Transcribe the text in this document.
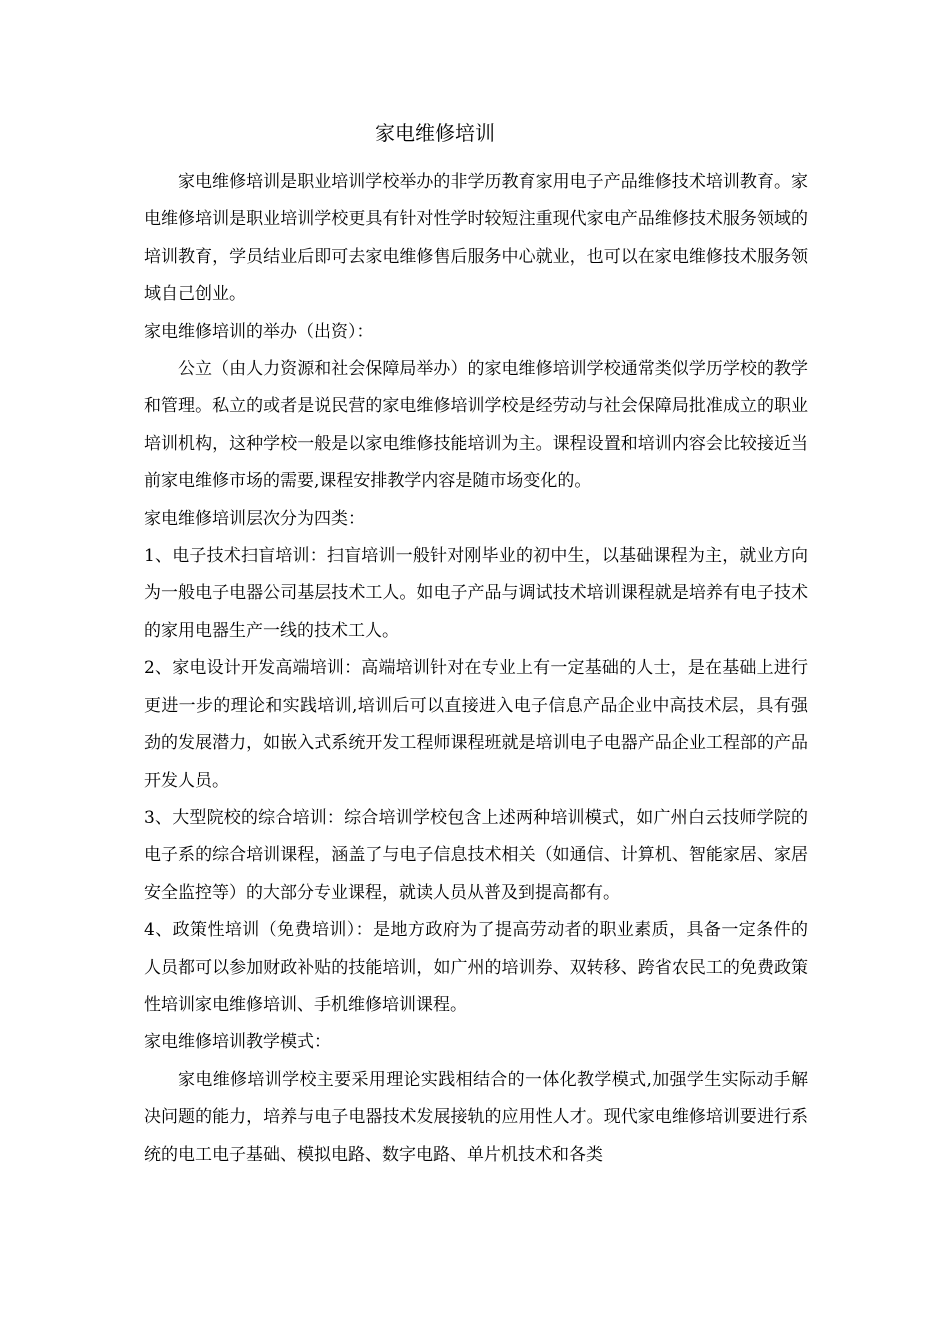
家电维修培训

家电维修培训是职业培训学校举办的非学历教育家用电子产品维修技术培训教育。家电维修培训是职业培训学校更具有针对性学时较短注重现代家电产品维修技术服务领域的培训教育，学员结业后即可去家电维修售后服务中心就业，也可以在家电维修技术服务领域自己创业。

家电维修培训的举办（出资）：

公立（由人力资源和社会保障局举办）的家电维修培训学校通常类似学历学校的教学和管理。私立的或者是说民营的家电维修培训学校是经劳动与社会保障局批准成立的职业培训机构，这种学校一般是以家电维修技能培训为主。课程设置和培训内容会比较接近当前家电维修市场的需要,课程安排教学内容是随市场变化的。

家电维修培训层次分为四类：

1、电子技术扫盲培训：扫盲培训一般针对刚毕业的初中生，以基础课程为主，就业方向为一般电子电器公司基层技术工人。如电子产品与调试技术培训课程就是培养有电子技术的家用电器生产一线的技术工人。

2、家电设计开发高端培训：高端培训针对在专业上有一定基础的人士，是在基础上进行更进一步的理论和实践培训,培训后可以直接进入电子信息产品企业中高技术层，具有强劲的发展潜力，如嵌入式系统开发工程师课程班就是培训电子电器产品企业工程部的产品开发人员。

3、大型院校的综合培训：综合培训学校包含上述两种培训模式，如广州白云技师学院的电子系的综合培训课程，涵盖了与电子信息技术相关（如通信、计算机、智能家居、家居安全监控等）的大部分专业课程，就读人员从普及到提高都有。

4、政策性培训（免费培训）：是地方政府为了提高劳动者的职业素质，具备一定条件的人员都可以参加财政补贴的技能培训，如广州的培训券、双转移、跨省农民工的免费政策性培训家电维修培训、手机维修培训课程。

家电维修培训教学模式：

家电维修培训学校主要采用理论实践相结合的一体化教学模式,加强学生实际动手解决问题的能力，培养与电子电器技术发展接轨的应用性人才。现代家电维修培训要进行系统的电工电子基础、模拟电路、数字电路、单片机技术和各类
